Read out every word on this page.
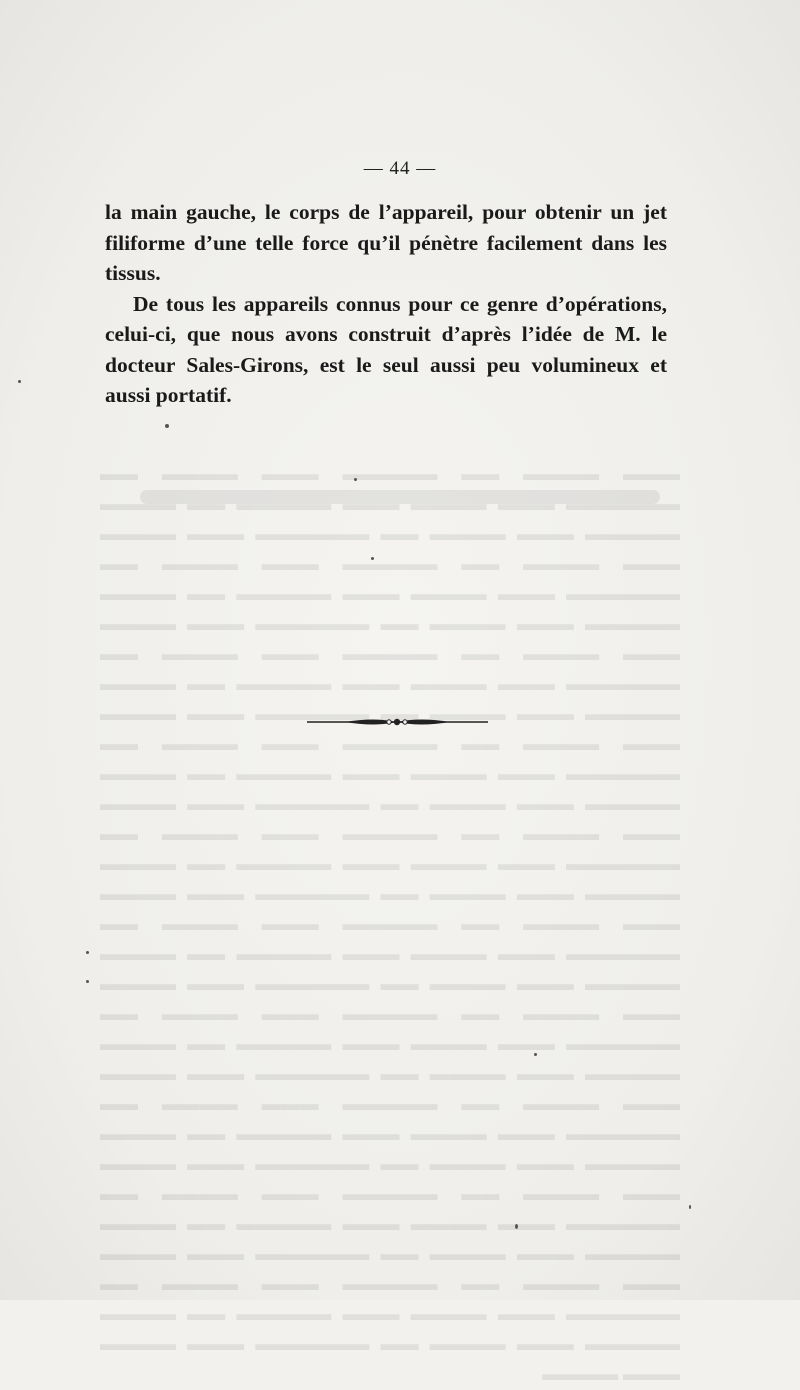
▬▬▬ ▬▬▬▬ ▬▬ ▬▬▬▬▬ ▬▬▬ ▬▬▬▬ ▬▬ ▬▬▬▬▬▬ ▬▬▬ ▬▬▬▬ ▬▬▬ ▬▬▬▬▬ ▬▬ ▬▬▬▬ ▬▬▬▬▬ ▬▬▬ ▬▬▬▬ ▬▬ ▬▬▬▬▬▬ ▬▬▬ ▬▬▬▬ ▬▬▬ ▬▬▬▬ ▬▬ ▬▬▬▬▬ ▬▬▬ ▬▬▬▬ ▬▬ ▬▬▬▬▬▬ ▬▬▬ ▬▬▬▬ ▬▬▬ ▬▬▬▬▬ ▬▬ ▬▬▬▬ ▬▬▬▬▬ ▬▬▬ ▬▬▬▬ ▬▬ ▬▬▬▬▬▬ ▬▬▬ ▬▬▬▬ ▬▬▬ ▬▬▬▬ ▬▬ ▬▬▬▬▬ ▬▬▬ ▬▬▬▬ ▬▬ ▬▬▬▬▬▬ ▬▬▬ ▬▬▬▬ ▬▬▬ ▬▬▬▬▬ ▬▬ ▬▬▬▬ ▬▬▬▬▬ ▬▬▬ ▬▬▬▬ ▬▬ ▬▬▬▬▬▬ ▬▬▬ ▬▬▬▬ ▬▬▬ ▬▬▬▬ ▬▬ ▬▬▬▬▬ ▬▬▬ ▬▬▬▬ ▬▬ ▬▬▬▬▬▬ ▬▬▬ ▬▬▬▬ ▬▬▬ ▬▬▬▬▬ ▬▬ ▬▬▬▬ ▬▬▬▬▬ ▬▬▬ ▬▬▬▬ ▬▬ ▬▬▬▬▬▬ ▬▬▬ ▬▬▬▬ ▬▬▬ ▬▬▬▬ ▬▬ ▬▬▬▬▬ ▬▬▬ ▬▬▬▬ ▬▬ ▬▬▬▬▬▬ ▬▬▬ ▬▬▬▬ ▬▬▬ ▬▬▬▬▬ ▬▬ ▬▬▬▬ ▬▬▬▬▬ ▬▬▬ ▬▬▬▬ ▬▬ ▬▬▬▬▬▬ ▬▬▬ ▬▬▬▬ ▬▬▬ ▬▬▬▬ ▬▬ ▬▬▬▬▬ ▬▬▬ ▬▬▬▬ ▬▬ ▬▬▬▬▬▬ ▬▬▬ ▬▬▬▬ ▬▬▬ ▬▬▬▬▬ ▬▬ ▬▬▬▬ ▬▬▬▬▬ ▬▬▬ ▬▬▬▬ ▬▬ ▬▬▬▬▬▬ ▬▬▬ ▬▬▬▬ ▬▬▬ ▬▬▬▬ ▬▬ ▬▬▬▬▬ ▬▬▬ ▬▬▬▬ ▬▬ ▬▬▬▬▬▬ ▬▬▬ ▬▬▬▬ ▬▬▬ ▬▬▬▬▬ ▬▬ ▬▬▬▬ ▬▬▬▬▬ ▬▬▬ ▬▬▬▬ ▬▬ ▬▬▬▬▬▬ ▬▬▬ ▬▬▬▬ ▬▬▬ ▬▬▬▬ ▬▬ ▬▬▬▬▬ ▬▬▬ ▬▬▬▬ ▬▬ ▬▬▬▬▬▬ ▬▬▬ ▬▬▬▬ ▬▬▬ ▬▬▬▬▬ ▬▬ ▬▬▬▬ ▬▬▬▬▬ ▬▬▬ ▬▬▬▬ ▬▬ ▬▬▬▬▬▬ ▬▬▬ ▬▬▬▬ ▬▬▬ ▬▬▬▬ ▬▬ ▬▬▬▬▬ ▬▬▬ ▬▬▬▬ ▬▬ ▬▬▬▬▬▬ ▬▬▬ ▬▬▬▬ ▬▬▬ ▬▬▬▬▬ ▬▬ ▬▬▬▬ ▬▬▬▬▬ ▬▬▬ ▬▬▬▬ ▬▬ ▬▬▬▬▬▬ ▬▬▬ ▬▬▬▬ ▬▬▬ ▬▬▬▬ ▬▬ ▬▬▬▬▬ ▬▬▬ ▬▬▬▬ ▬▬ ▬▬▬▬▬▬ ▬▬▬ ▬▬▬▬ ▬▬▬ ▬▬▬▬▬ ▬▬ ▬▬▬▬ ▬▬▬▬▬ ▬▬▬ ▬▬▬▬ ▬▬ ▬▬▬▬▬▬ ▬▬▬ ▬▬▬▬ ▬▬▬ ▬▬▬▬
— 44 —

la main gauche, le corps de l’appareil, pour obtenir un jet filiforme d’une telle force qu’il pénètre facilement dans les tissus.

De tous les appareils connus pour ce genre d’opérations, celui-ci, que nous avons construit d’après l’idée de M. le docteur Sales-Girons, est le seul aussi peu volumineux et aussi portatif.
